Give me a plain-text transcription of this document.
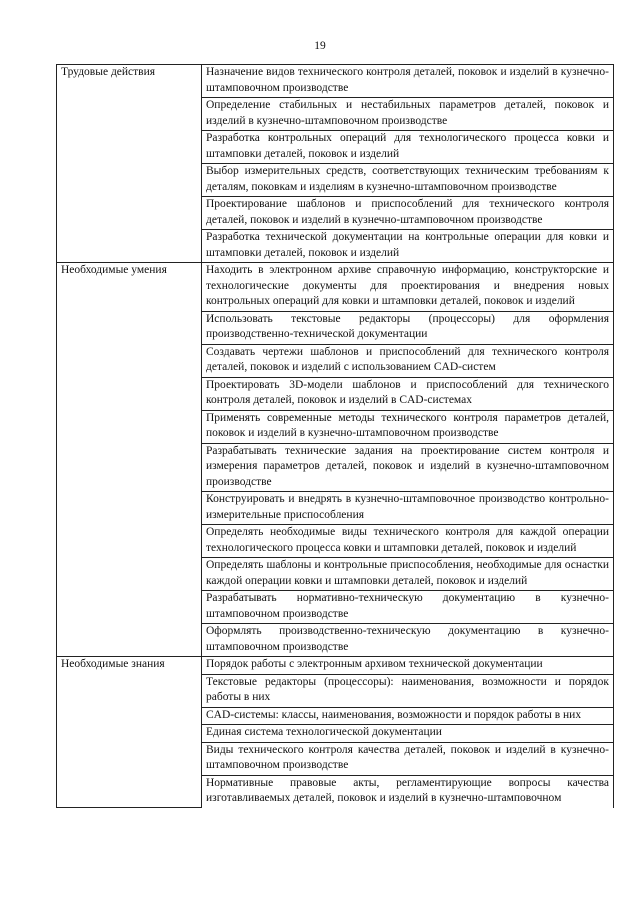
19
Трудовые действия	Назначение видов технического контроля деталей, поковок и изделий в кузнечно-штамповочном производстве
	Определение стабильных и нестабильных параметров деталей, поковок и изделий в кузнечно-штамповочном производстве
	Разработка контрольных операций для технологического процесса ковки и штамповки деталей, поковок и изделий
	Выбор измерительных средств, соответствующих техническим требованиям к деталям, поковкам и изделиям в кузнечно-штамповочном производстве
	Проектирование шаблонов и приспособлений для технического контроля деталей, поковок и изделий в кузнечно-штамповочном производстве
	Разработка технической документации на контрольные операции для ковки и штамповки деталей, поковок и изделий
Необходимые умения	Находить в электронном архиве справочную информацию, конструкторские и технологические документы для проектирования и внедрения новых контрольных операций для ковки и штамповки деталей, поковок и изделий
	Использовать текстовые редакторы (процессоры) для оформления производственно-технической документации
	Создавать чертежи шаблонов и приспособлений для технического контроля деталей, поковок и изделий с использованием CAD-систем
	Проектировать 3D-модели шаблонов и приспособлений для технического контроля деталей, поковок и изделий в CAD-системах
	Применять современные методы технического контроля параметров деталей, поковок и изделий в кузнечно-штамповочном производстве
	Разрабатывать технические задания на проектирование систем контроля и измерения параметров деталей, поковок и изделий в кузнечно-штамповочном производстве
	Конструировать и внедрять в кузнечно-штамповочное производство контрольно-измерительные приспособления
	Определять необходимые виды технического контроля для каждой операции технологического процесса ковки и штамповки деталей, поковок и изделий
	Определять шаблоны и контрольные приспособления, необходимые для оснастки каждой операции ковки и штамповки деталей, поковок и изделий
	Разрабатывать нормативно-техническую документацию в кузнечно-штамповочном производстве
	Оформлять производственно-техническую документацию в кузнечно-штамповочном производстве
Необходимые знания	Порядок работы с электронным архивом технической документации
	Текстовые редакторы (процессоры): наименования, возможности и порядок работы в них
	CAD-системы: классы, наименования, возможности и порядок работы в них
	Единая система технологической документации
	Виды технического контроля качества деталей, поковок и изделий в кузнечно-штамповочном производстве
	Нормативные правовые акты, регламентирующие вопросы качества изготавливаемых деталей, поковок и изделий в кузнечно-штамповочном
